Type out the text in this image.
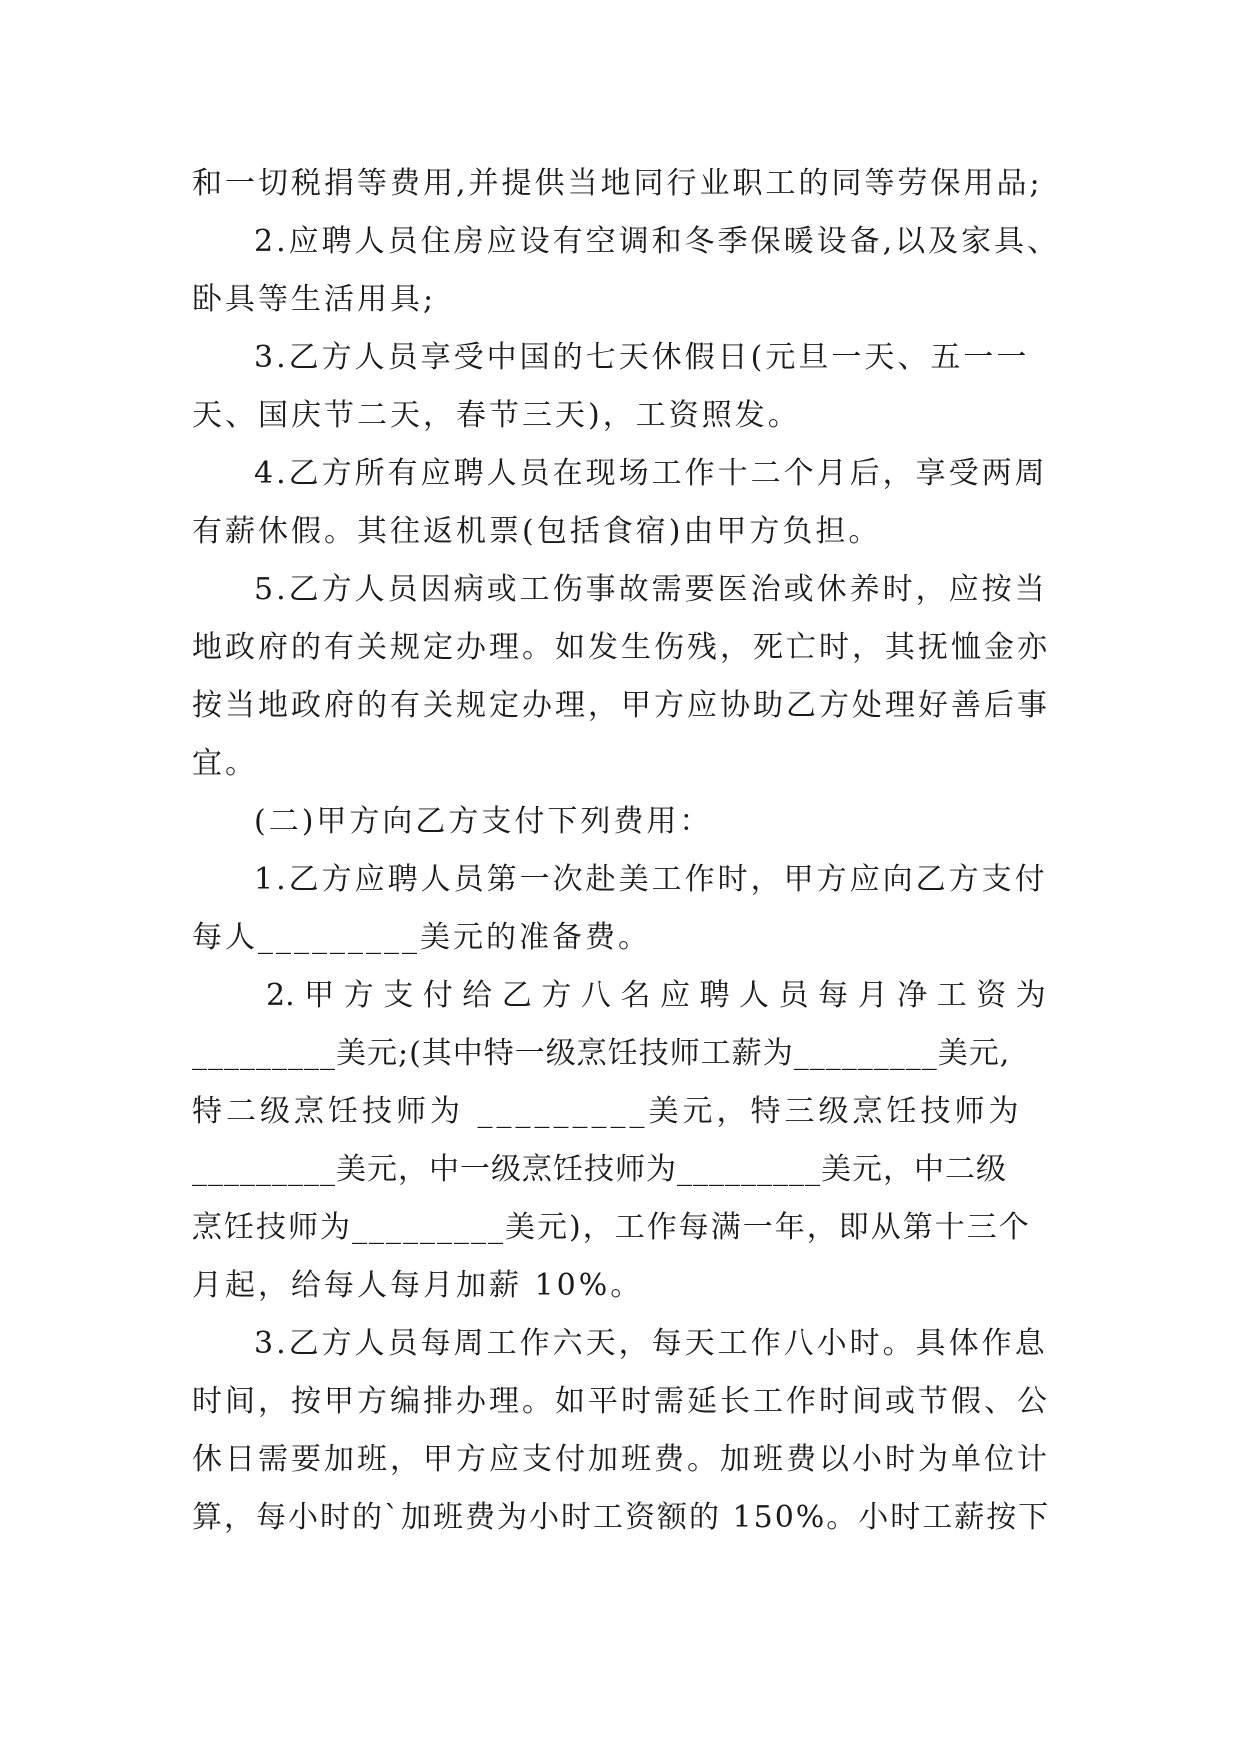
和一切税捐等费用,并提供当地同行业职工的同等劳保用品;
2.应聘人员住房应设有空调和冬季保暖设备,以及家具、
卧具等生活用具;
3.乙方人员享受中国的七天休假日(元旦一天、五一一
天、国庆节二天，春节三天)，工资照发。
4.乙方所有应聘人员在现场工作十二个月后，享受两周
有薪休假。其往返机票(包括食宿)由甲方负担。
5.乙方人员因病或工伤事故需要医治或休养时，应按当
地政府的有关规定办理。如发生伤残，死亡时，其抚恤金亦
按当地政府的有关规定办理，甲方应协助乙方处理好善后事
宜。
(二)甲方向乙方支付下列费用：
1.乙方应聘人员第一次赴美工作时，甲方应向乙方支付
每人_________美元的准备费。
2. 甲 方 支 付 给 乙 方 八 名 应 聘 人 员 每 月 净 工 资 为
_________美元;(其中特一级烹饪技师工薪为_________美元,
特二级烹饪技师为 _________美元，特三级烹饪技师为
_________美元，中一级烹饪技师为_________美元，中二级
烹饪技师为_________美元)，工作每满一年，即从第十三个
月起，给每人每月加薪 10%。
3.乙方人员每周工作六天，每天工作八小时。具体作息
时间，按甲方编排办理。如平时需延长工作时间或节假、公
休日需要加班，甲方应支付加班费。加班费以小时为单位计
算，每小时的`加班费为小时工资额的 150%。小时工薪按下
